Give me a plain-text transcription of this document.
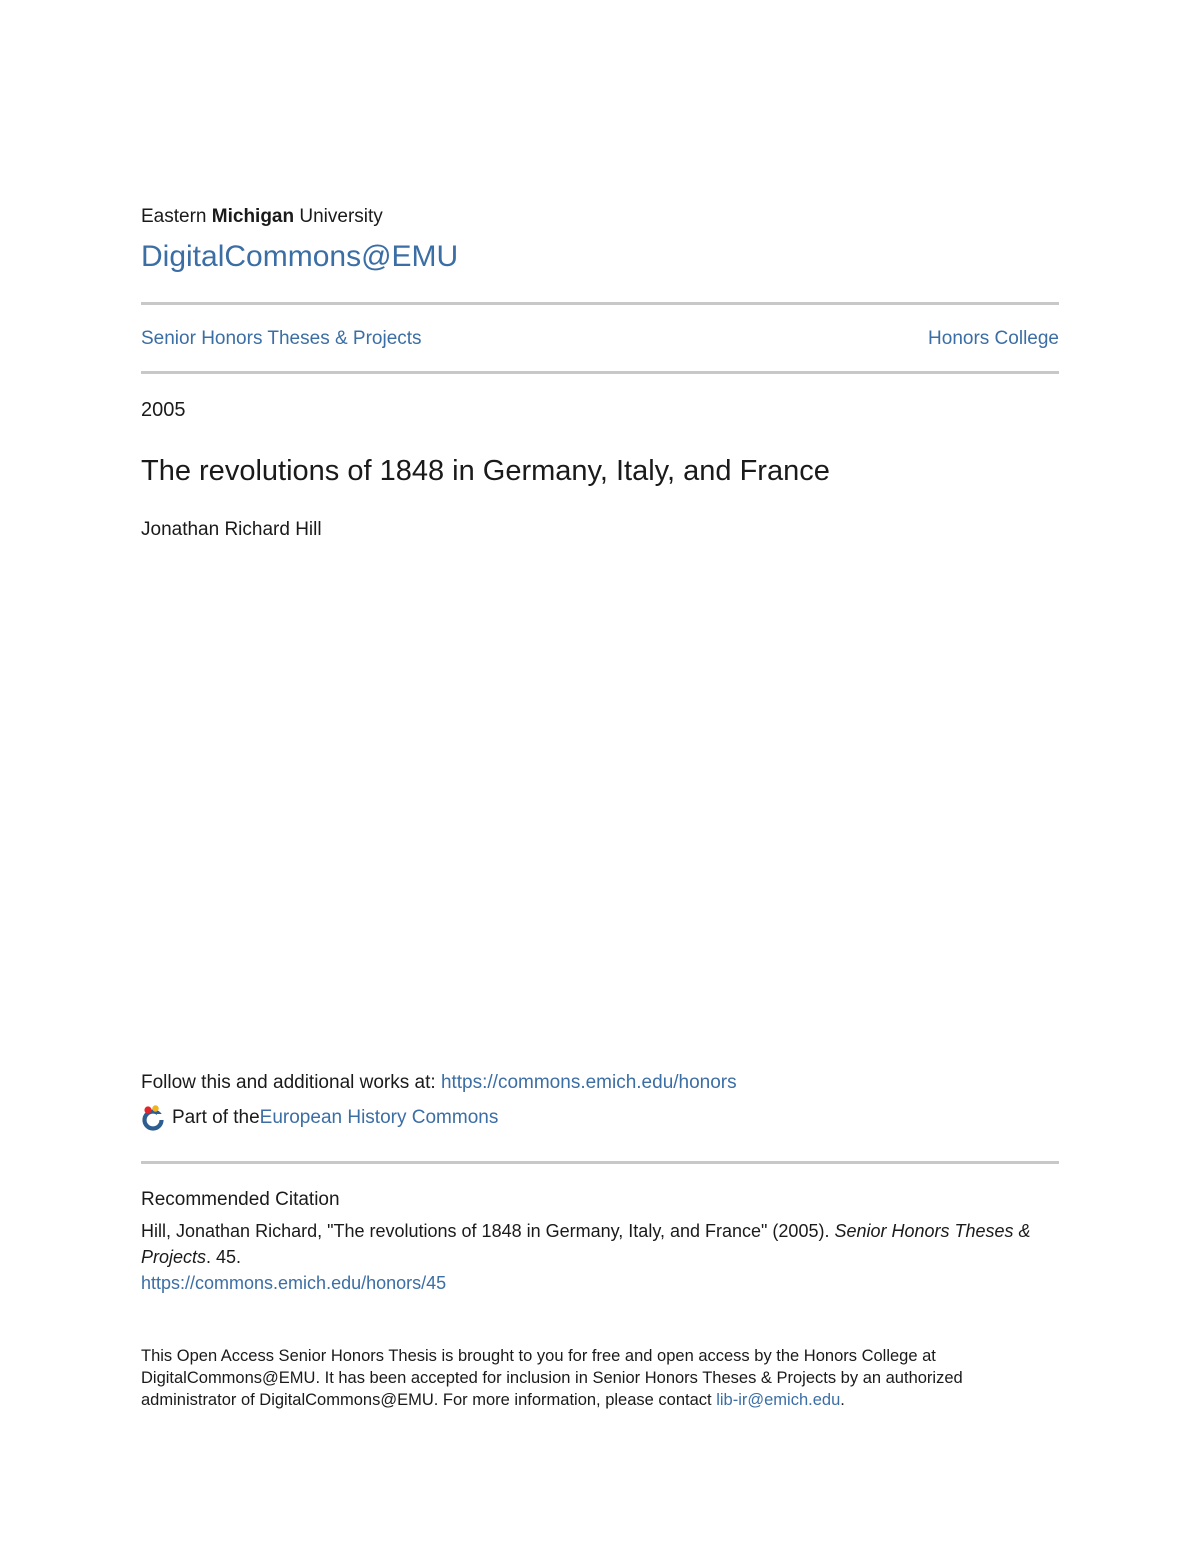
Eastern Michigan University
DigitalCommons@EMU
Senior Honors Theses & Projects	Honors College
2005
The revolutions of 1848 in Germany, Italy, and France
Jonathan Richard Hill
Follow this and additional works at: https://commons.emich.edu/honors
Part of the European History Commons
Recommended Citation
Hill, Jonathan Richard, "The revolutions of 1848 in Germany, Italy, and France" (2005). Senior Honors Theses & Projects. 45.
https://commons.emich.edu/honors/45
This Open Access Senior Honors Thesis is brought to you for free and open access by the Honors College at DigitalCommons@EMU. It has been accepted for inclusion in Senior Honors Theses & Projects by an authorized administrator of DigitalCommons@EMU. For more information, please contact lib-ir@emich.edu.
